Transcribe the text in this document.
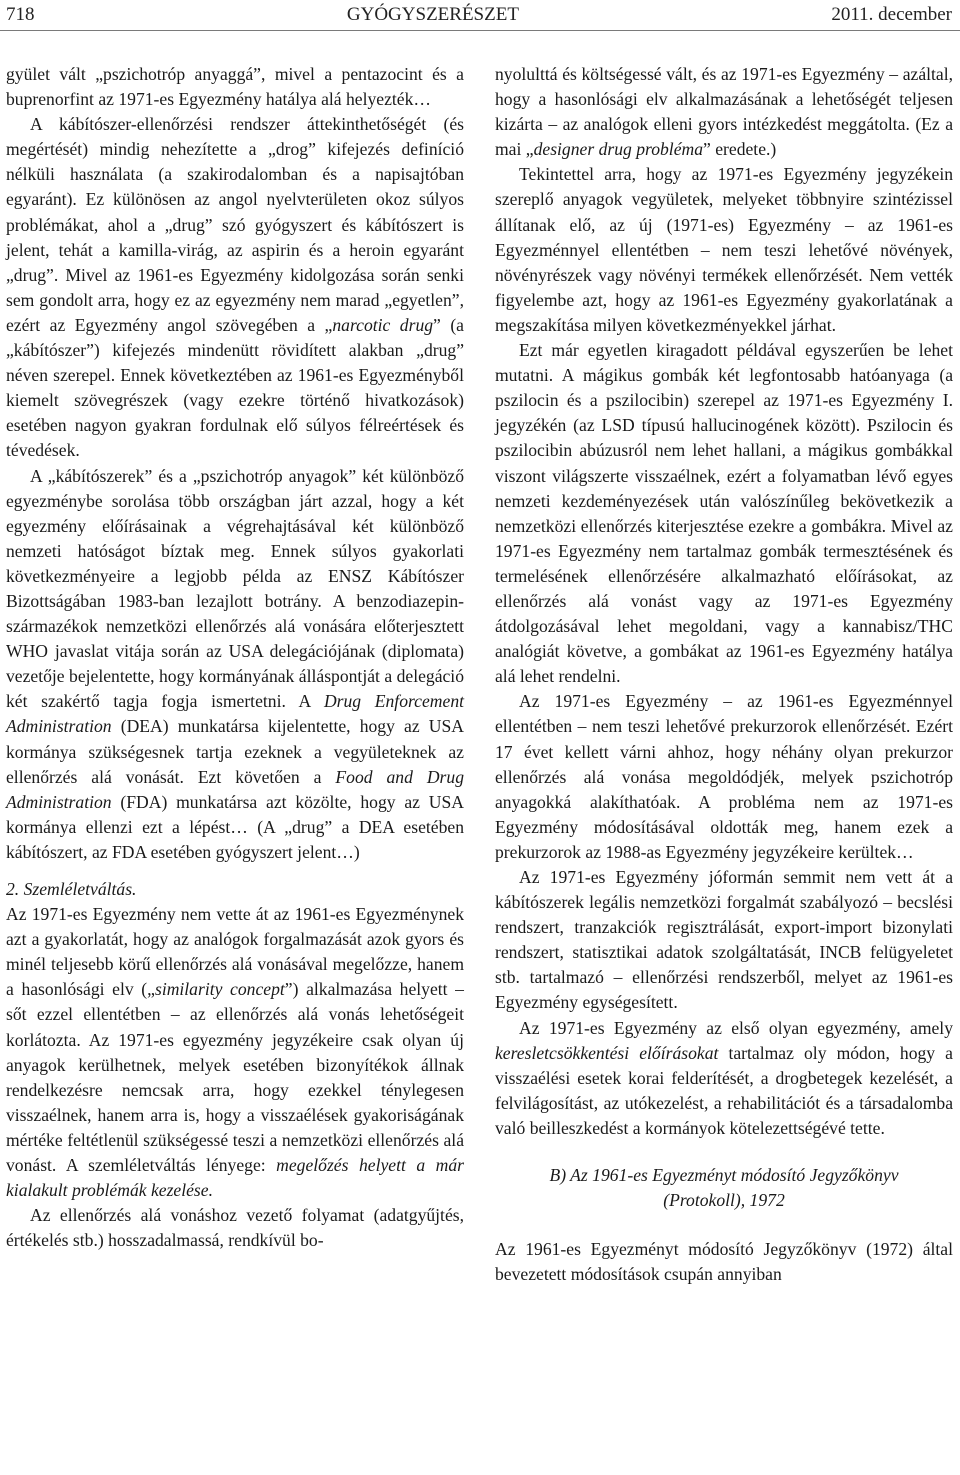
718	GYÓGYSZERÉSZET	2011. december

gyület vált „pszichotróp anyaggá”, mivel a pentazocint és a buprenorfint az 1971-es Egyezmény hatálya alá helyezték…

A kábítószer-ellenőrzési rendszer áttekinthetőségét (és megértését) mindig nehezítette a „drog” kifejezés definíció nélküli használata (a szakirodalomban és a napisajtóban egyaránt). Ez különösen az angol nyelvterületen okoz súlyos problémákat, ahol a „drug” szó gyógyszert és kábítószert is jelent, tehát a kamilla-virág, az aspirin és a heroin egyaránt „drug”. Mivel az 1961-es Egyezmény kidolgozása során senki sem gondolt arra, hogy ez az egyezmény nem marad „egyetlen”, ezért az Egyezmény angol szövegében a „narcotic drug” (a „kábítószer”) kifejezés mindenütt rövidített alakban „drug” néven szerepel. Ennek következtében az 1961-es Egyezményből kiemelt szövegrészek (vagy ezekre történő hivatkozások) esetében nagyon gyakran fordulnak elő súlyos félreértések és tévedések.

A „kábítószerek” és a „pszichotróp anyagok” két különböző egyezménybe sorolása több országban járt azzal, hogy a két egyezmény előírásainak a végrehajtásával két különböző nemzeti hatóságot bíztak meg. Ennek súlyos gyakorlati következményeire a legjobb példa az ENSZ Kábítószer Bizottságában 1983-ban lezajlott botrány. A benzodiazepin-származékok nemzetközi ellenőrzés alá vonására előterjesztett WHO javaslat vitája során az USA delegációjának (diplomata) vezetője bejelentette, hogy kormányának álláspontját a delegáció két szakértő tagja fogja ismertetni. A Drug Enforcement Administration (DEA) munkatársa kijelentette, hogy az USA kormánya szükségesnek tartja ezeknek a vegyületeknek az ellenőrzés alá vonását. Ezt követően a Food and Drug Administration (FDA) munkatársa azt közölte, hogy az USA kormánya ellenzi ezt a lépést… (A „drug” a DEA esetében kábítószert, az FDA esetében gyógyszert jelent…)

2. Szemléletváltás.

Az 1971-es Egyezmény nem vette át az 1961-es Egyezménynek azt a gyakorlatát, hogy az analógok forgalmazását azok gyors és minél teljesebb körű ellenőrzés alá vonásával megelőzze, hanem a hasonlósági elv („similarity concept”) alkalmazása helyett – sőt ezzel ellentétben – az ellenőrzés alá vonás lehetőségeit korlátozta. Az 1971-es egyezmény jegyzékeire csak olyan új anyagok kerülhetnek, melyek esetében bizonyítékok állnak rendelkezésre nemcsak arra, hogy ezekkel ténylegesen visszaélnek, hanem arra is, hogy a visszaélések gyakoriságának mértéke feltétlenül szükségessé teszi a nemzetközi ellenőrzés alá vonást. A szemléletváltás lényege: megelőzés helyett a már kialakult problémák kezelése.

Az ellenőrzés alá vonáshoz vezető folyamat (adatgyűjtés, értékelés stb.) hosszadalmassá, rendkívül bo-

nyolulttá és költségessé vált, és az 1971-es Egyezmény – azáltal, hogy a hasonlósági elv alkalmazásának a lehetőségét teljesen kizárta – az analógok elleni gyors intézkedést meggátolta. (Ez a mai „designer drug probléma” eredete.)

Tekintettel arra, hogy az 1971-es Egyezmény jegyzékein szereplő anyagok vegyületek, melyeket többnyire szintézissel állítanak elő, az új (1971-es) Egyezmény – az 1961-es Egyezménnyel ellentétben – nem teszi lehetővé növények, növényrészek vagy növényi termékek ellenőrzését. Nem vették figyelembe azt, hogy az 1961-es Egyezmény gyakorlatának a megszakítása milyen következményekkel járhat.

Ezt már egyetlen kiragadott példával egyszerűen be lehet mutatni. A mágikus gombák két legfontosabb hatóanyaga (a pszilocin és a pszilocibin) szerepel az 1971-es Egyezmény I. jegyzékén (az LSD típusú hallucinogének között). Pszilocin és pszilocibin abúzusról nem lehet hallani, a mágikus gombákkal viszont világszerte visszaélnek, ezért a folyamatban lévő egyes nemzeti kezdeményezések után valószínűleg bekövetkezik a nemzetközi ellenőrzés kiterjesztése ezekre a gombákra. Mivel az 1971-es Egyezmény nem tartalmaz gombák termesztésének és termelésének ellenőrzésére alkalmazható előírásokat, az ellenőrzés alá vonást vagy az 1971-es Egyezmény átdolgozásával lehet megoldani, vagy a kannabisz/THC analógiát követve, a gombákat az 1961-es Egyezmény hatálya alá lehet rendelni.

Az 1971-es Egyezmény – az 1961-es Egyezménnyel ellentétben – nem teszi lehetővé prekurzorok ellenőrzését. Ezért 17 évet kellett várni ahhoz, hogy néhány olyan prekurzor ellenőrzés alá vonása megoldódjék, melyek pszichotróp anyagokká alakíthatóak. A probléma nem az 1971-es Egyezmény módosításával oldották meg, hanem ezek a prekurzorok az 1988-as Egyezmény jegyzékeire kerültek…

Az 1971-es Egyezmény jóformán semmit nem vett át a kábítószerek legális nemzetközi forgalmát szabályozó – becslési rendszert, tranzakciók regisztrálását, export-import bizonylati rendszert, statisztikai adatok szolgáltatását, INCB felügyeletet stb. tartalmazó – ellenőrzési rendszerből, melyet az 1961-es Egyezmény egységesített.

Az 1971-es Egyezmény az első olyan egyezmény, amely keresletcsökkentési előírásokat tartalmaz oly módon, hogy a visszaélési esetek korai felderítését, a drogbetegek kezelését, a felvilágosítást, az utókezelést, a rehabilitációt és a társadalomba való beilleszkedést a kormányok kötelezettségévé tette.

B) Az 1961-es Egyezményt módosító Jegyzőkönyv
(Protokoll), 1972

Az 1961-es Egyezményt módosító Jegyzőkönyv (1972) által bevezetett módosítások csupán annyiban
